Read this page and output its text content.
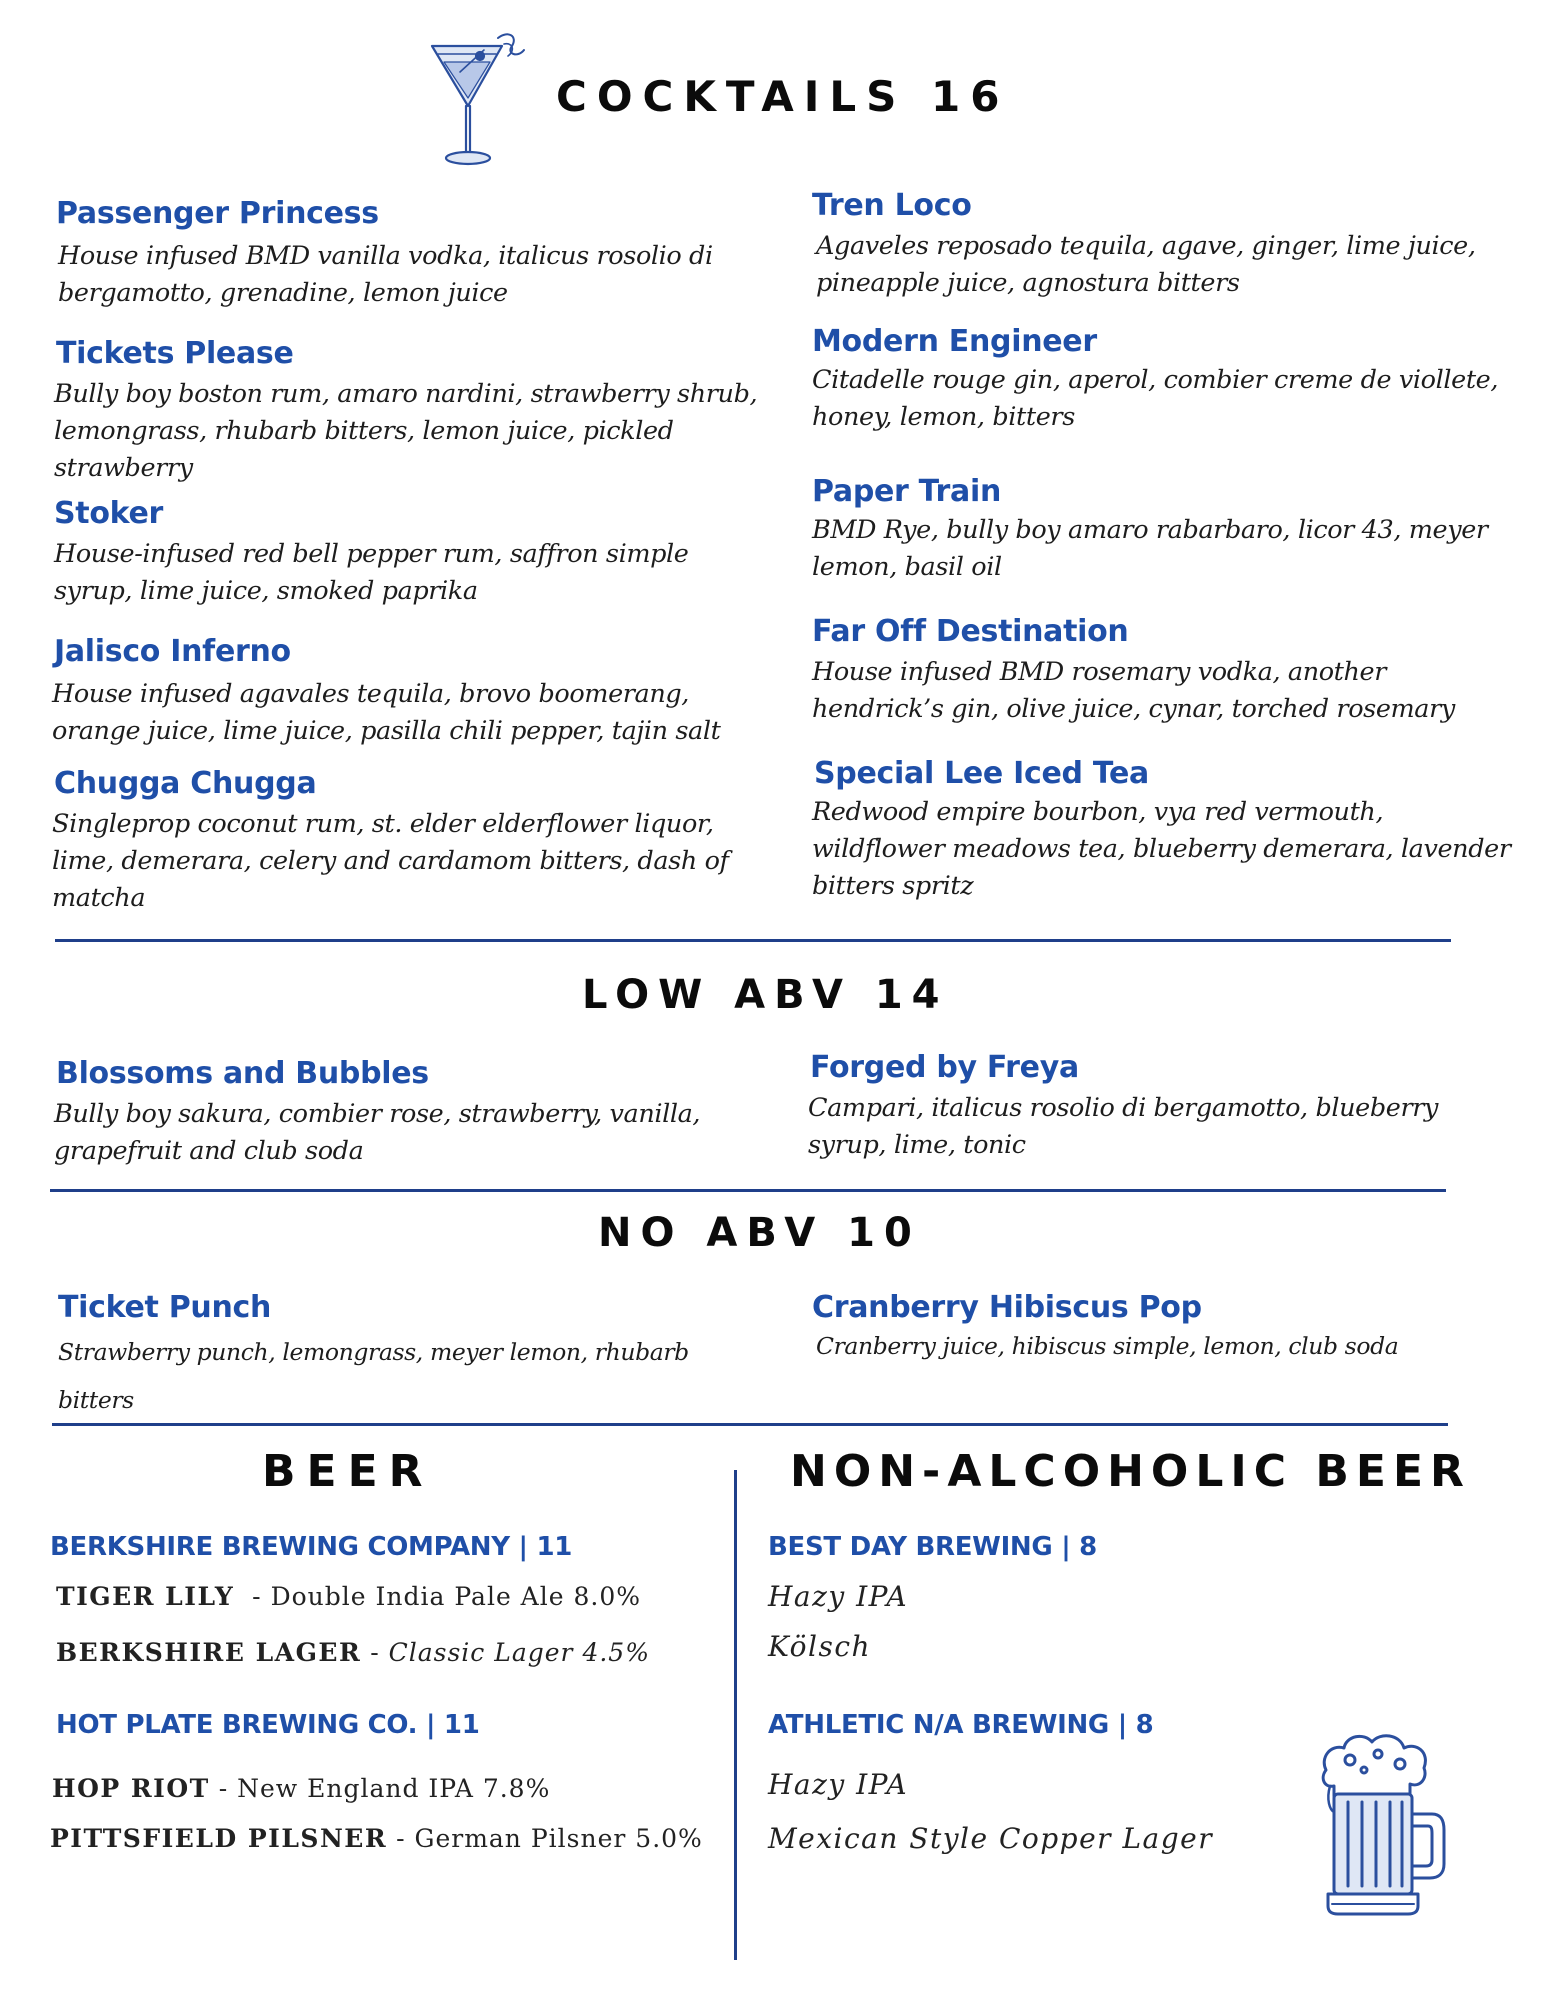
COCKTAILS 16
Passenger Princess
House infused BMD vanilla vodka, italicus rosolio di bergamotto, grenadine, lemon juice
Tickets Please
Bully boy boston rum, amaro nardini, strawberry shrub, lemongrass, rhubarb bitters, lemon juice, pickled strawberry
Stoker
House-infused red bell pepper rum, saffron simple syrup, lime juice, smoked paprika
Jalisco Inferno
House infused agavales tequila, brovo boomerang, orange juice, lime juice, pasilla chili pepper, tajin salt
Chugga Chugga
Singleprop coconut rum, st. elder elderflower liquor, lime, demerara, celery and cardamom bitters, dash of matcha
Tren Loco
Agaveles reposado tequila, agave, ginger, lime juice, pineapple juice, agnostura bitters
Modern Engineer
Citadelle rouge gin, aperol, combier creme de viollete, honey, lemon, bitters
Paper Train
BMD Rye, bully boy amaro rabarbaro, licor 43, meyer lemon, basil oil
Far Off Destination
House infused BMD rosemary vodka, another hendrick’s gin, olive juice, cynar, torched rosemary
Special Lee Iced Tea
Redwood empire bourbon, vya red vermouth, wildflower meadows tea, blueberry demerara, lavender bitters spritz
LOW ABV 14
Blossoms and Bubbles
Bully boy sakura, combier rose, strawberry, vanilla, grapefruit and club soda
Forged by Freya
Campari, italicus rosolio di bergamotto, blueberry syrup, lime, tonic
NO ABV 10
Ticket Punch
Strawberry punch, lemongrass, meyer lemon, rhubarb bitters
Cranberry Hibiscus Pop
Cranberry juice, hibiscus simple, lemon, club soda
BEER	NON-ALCOHOLIC BEER
BERKSHIRE BREWING COMPANY | 11
TIGER LILY  - Double India Pale Ale 8.0%
BERKSHIRE LAGER - Classic Lager 4.5%
HOT PLATE BREWING CO. | 11
HOP RIOT - New England IPA 7.8%
PITTSFIELD PILSNER - German Pilsner 5.0%
BEST DAY BREWING | 8
Hazy IPA
Kölsch
ATHLETIC N/A BREWING | 8
Hazy IPA
Mexican Style Copper Lager
